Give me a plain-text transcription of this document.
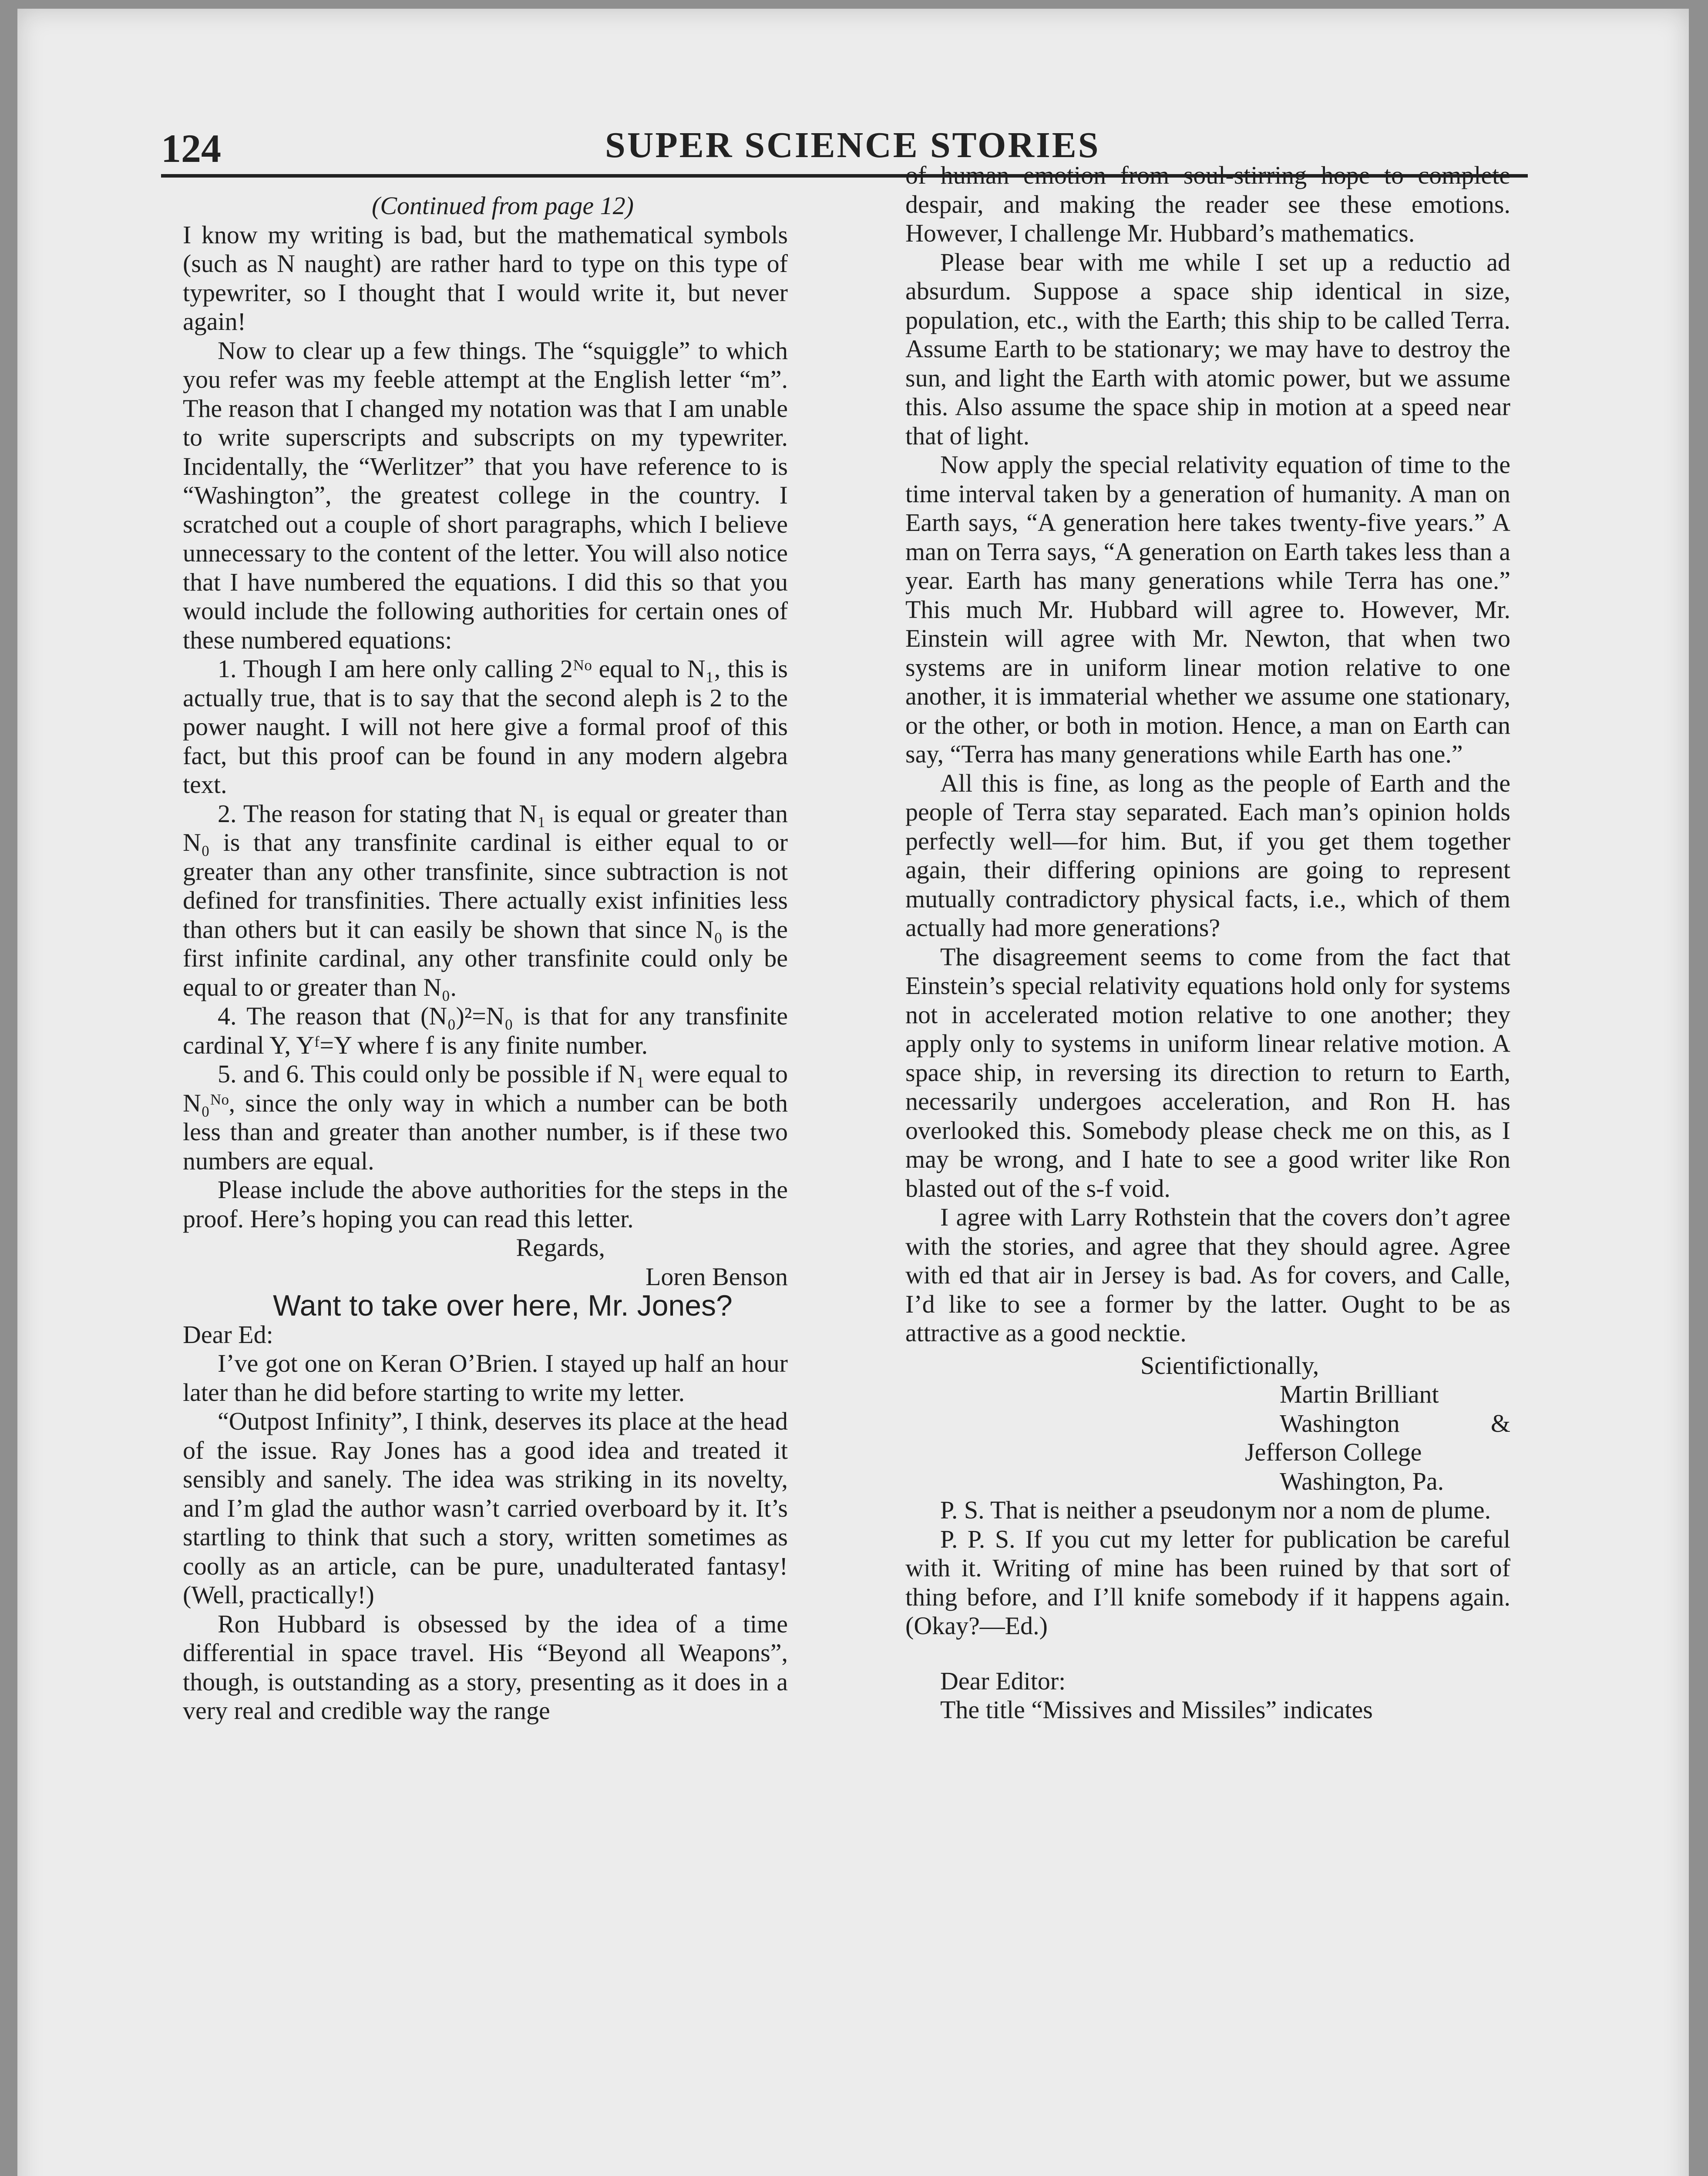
124	SUPER SCIENCE STORIES

(Continued from page 12)

I know my writing is bad, but the mathematical symbols (such as N naught) are rather hard to type on this type of typewriter, so I thought that I would write it, but never again!

Now to clear up a few things. The “squiggle” to which you refer was my feeble attempt at the English letter “m”. The reason that I changed my notation was that I am unable to write superscripts and subscripts on my typewriter. Incidentally, the “Werlitzer” that you have reference to is “Washington”, the greatest college in the country. I scratched out a couple of short paragraphs, which I believe unnecessary to the content of the letter. You will also notice that I have numbered the equations. I did this so that you would include the following authorities for certain ones of these numbered equations:

1. Though I am here only calling 2ᴺᵒ equal to N₁, this is actually true, that is to say that the second aleph is 2 to the power naught. I will not here give a formal proof of this fact, but this proof can be found in any modern algebra text.

2. The reason for stating that N₁ is equal or greater than N₀ is that any transfinite cardinal is either equal to or greater than any other transfinite, since subtraction is not defined for transfinities. There actually exist infinities less than others but it can easily be shown that since N₀ is the first infinite cardinal, any other transfinite could only be equal to or greater than N₀.

4. The reason that (N₀)²=N₀ is that for any transfinite cardinal Y, Yᶠ=Y where f is any finite number.

5. and 6. This could only be possible if N₁ were equal to N₀ᴺᵒ, since the only way in which a number can be both less than and greater than another number, is if these two numbers are equal.

Please include the above authorities for the steps in the proof. Here’s hoping you can read this letter.

Regards,

Loren Benson

Want to take over here, Mr. Jones?

Dear Ed:

I’ve got one on Keran O’Brien. I stayed up half an hour later than he did before starting to write my letter.

“Outpost Infinity”, I think, deserves its place at the head of the issue. Ray Jones has a good idea and treated it sensibly and sanely. The idea was striking in its novelty, and I’m glad the author wasn’t carried overboard by it. It’s startling to think that such a story, written sometimes as coolly as an article, can be pure, unadulterated fantasy! (Well, practically!)

Ron Hubbard is obsessed by the idea of a time differential in space travel. His “Beyond all Weapons”, though, is outstanding as a story, presenting as it does in a very real and credible way the range

of human emotion from soul-stirring hope to complete despair, and making the reader see these emotions. However, I challenge Mr. Hubbard’s mathematics.

Please bear with me while I set up a reductio ad absurdum. Suppose a space ship identical in size, population, etc., with the Earth; this ship to be called Terra. Assume Earth to be stationary; we may have to destroy the sun, and light the Earth with atomic power, but we assume this. Also assume the space ship in motion at a speed near that of light.

Now apply the special relativity equation of time to the time interval taken by a generation of humanity. A man on Earth says, “A generation here takes twenty-five years.” A man on Terra says, “A generation on Earth takes less than a year. Earth has many generations while Terra has one.” This much Mr. Hubbard will agree to. However, Mr. Einstein will agree with Mr. Newton, that when two systems are in uniform linear motion relative to one another, it is immaterial whether we assume one stationary, or the other, or both in motion. Hence, a man on Earth can say, “Terra has many generations while Earth has one.”

All this is fine, as long as the people of Earth and the people of Terra stay separated. Each man’s opinion holds perfectly well—for him. But, if you get them together again, their differing opinions are going to represent mutually contradictory physical facts, i.e., which of them actually had more generations?

The disagreement seems to come from the fact that Einstein’s special relativity equations hold only for systems not in accelerated motion relative to one another; they apply only to systems in uniform linear relative motion. A space ship, in reversing its direction to return to Earth, necessarily undergoes acceleration, and Ron H. has overlooked this. Somebody please check me on this, as I may be wrong, and I hate to see a good writer like Ron blasted out of the s-f void.

I agree with Larry Rothstein that the covers don’t agree with the stories, and agree that they should agree. Agree with ed that air in Jersey is bad. As for covers, and Calle, I’d like to see a former by the latter. Ought to be as attractive as a good necktie.

Scientifictionally,

Martin Brilliant

Washington & Jefferson College

Washington, Pa.

P. S. That is neither a pseudonym nor a nom de plume.

P. P. S. If you cut my letter for publication be careful with it. Writing of mine has been ruined by that sort of thing before, and I’ll knife somebody if it happens again. (Okay?—Ed.)

Dear Editor:

The title “Missives and Missiles” indicates
